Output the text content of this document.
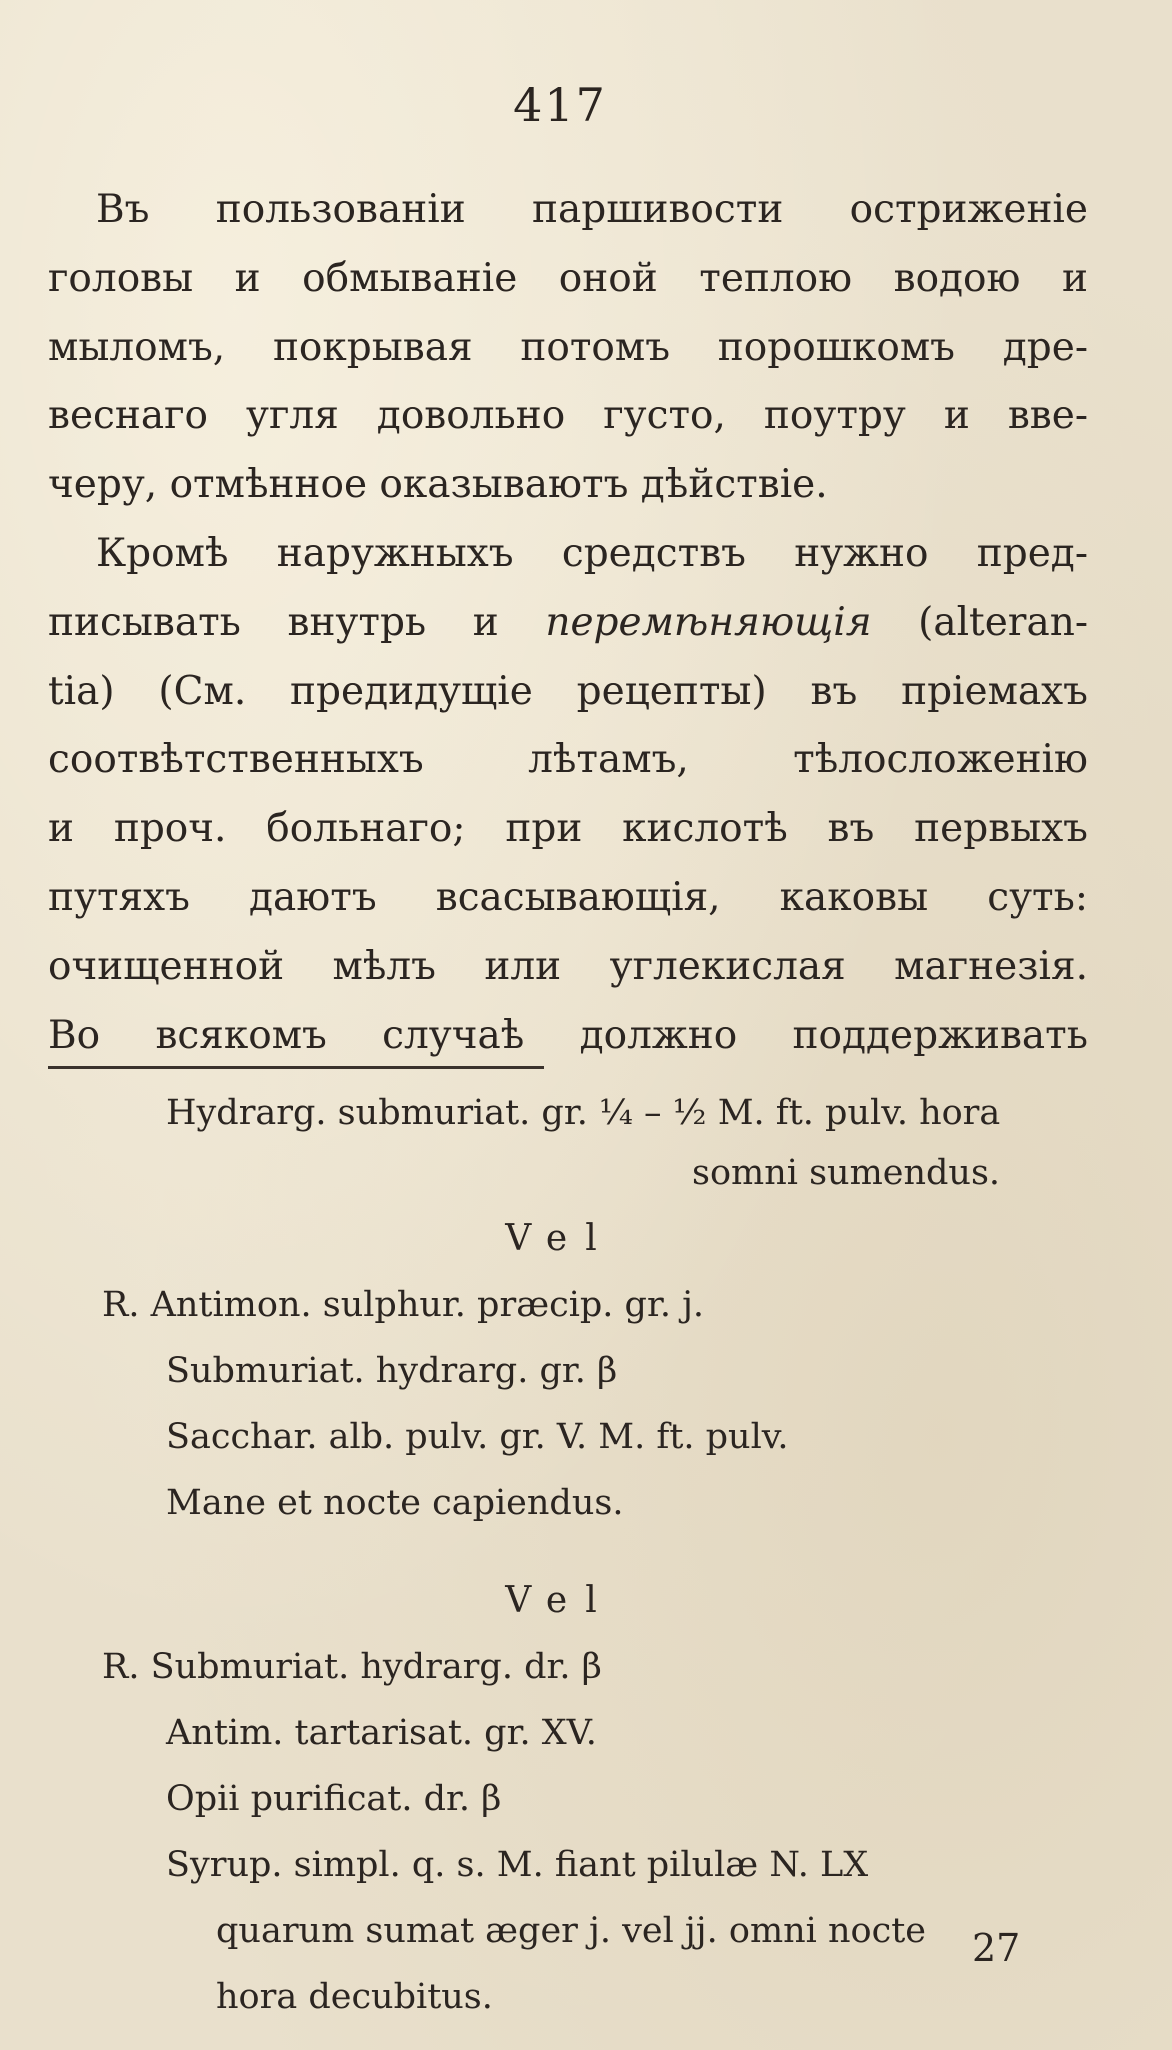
417
Въ пользованіи паршивости остриженіе
головы и обмываніе оной теплою водою и
мыломъ, покрывая потомъ порошкомъ дре-
веснаго угля довольно густо, поутру и вве-
черу, отмѣнное оказываютъ дѣйствіе.
Кромѣ наружныхъ средствъ нужно пред-
писывать внутрь и перемѣняющія (alteran-
tia) (См. предидущіе рецепты) въ пріемахъ
соотвѣтственныхъ лѣтамъ, тѣлосложенію
и проч. больнаго; при кислотѣ въ первыхъ
путяхъ даютъ всасывающія, каковы суть:
очищенной мѣлъ или углекислая магнезія.
Во всякомъ случаѣ должно поддерживать
Hydrarg. submuriat. gr. ¼ – ½ M. ft. pulv. hora
somni sumendus.
Vel
R. Antimon. sulphur. præcip. gr. j.
Submuriat. hydrarg. gr. β
Sacchar. alb. pulv. gr. V. M. ft. pulv.
Mane et nocte capiendus.
Vel
R. Submuriat. hydrarg. dr. β
Antim. tartarisat. gr. XV.
Opii purificat. dr. β
Syrup. simpl. q. s. M. fiant pilulæ N. LX
quarum sumat æger j. vel jj. omni nocte
hora decubitus.
27
